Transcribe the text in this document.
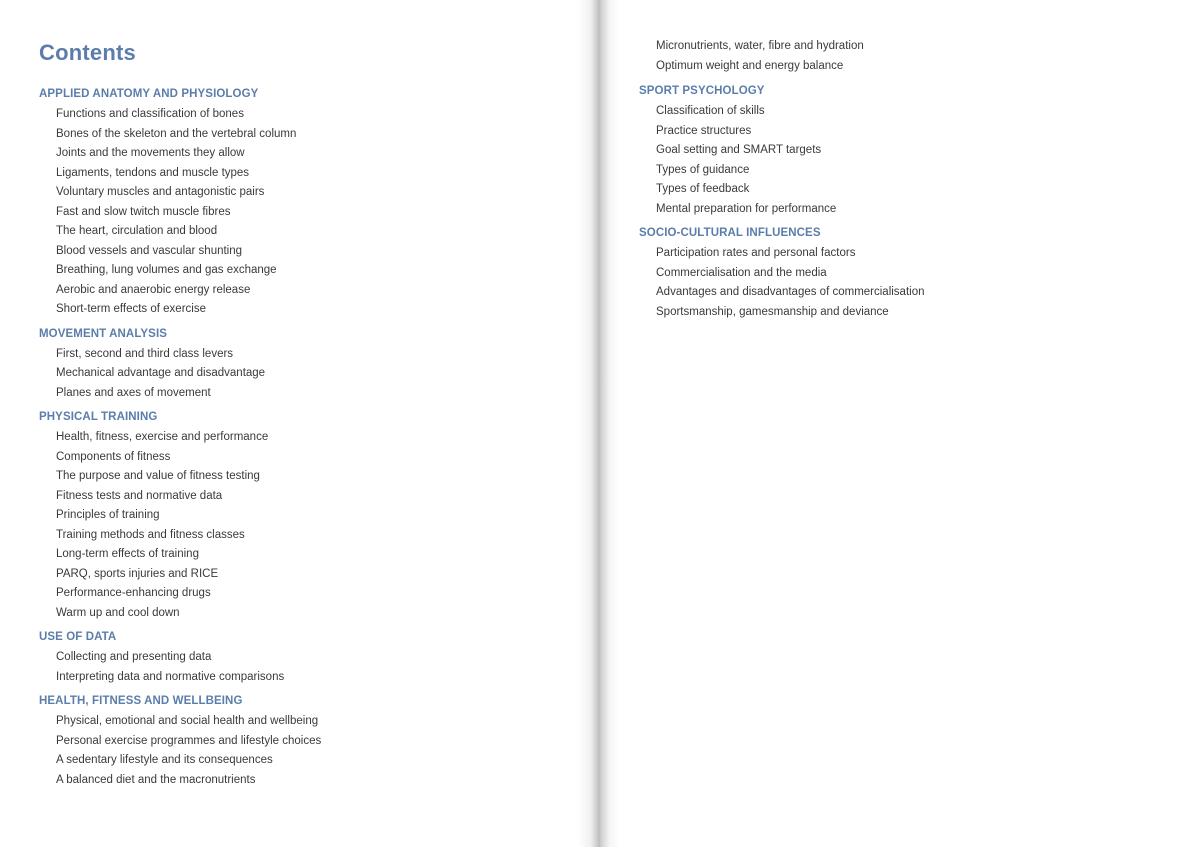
Contents
APPLIED ANATOMY AND PHYSIOLOGY
Functions and classification of bones
Bones of the skeleton and the vertebral column
Joints and the movements they allow
Ligaments, tendons and muscle types
Voluntary muscles and antagonistic pairs
Fast and slow twitch muscle fibres
The heart, circulation and blood
Blood vessels and vascular shunting
Breathing, lung volumes and gas exchange
Aerobic and anaerobic energy release
Short-term effects of exercise
MOVEMENT ANALYSIS
First, second and third class levers
Mechanical advantage and disadvantage
Planes and axes of movement
PHYSICAL TRAINING
Health, fitness, exercise and performance
Components of fitness
The purpose and value of fitness testing
Fitness tests and normative data
Principles of training
Training methods and fitness classes
Long-term effects of training
PARQ, sports injuries and RICE
Performance-enhancing drugs
Warm up and cool down
USE OF DATA
Collecting and presenting data
Interpreting data and normative comparisons
HEALTH, FITNESS AND WELLBEING
Physical, emotional and social health and wellbeing
Personal exercise programmes and lifestyle choices
A sedentary lifestyle and its consequences
A balanced diet and the macronutrients
Micronutrients, water, fibre and hydration
Optimum weight and energy balance
SPORT PSYCHOLOGY
Classification of skills
Practice structures
Goal setting and SMART targets
Types of guidance
Types of feedback
Mental preparation for performance
SOCIO-CULTURAL INFLUENCES
Participation rates and personal factors
Commercialisation and the media
Advantages and disadvantages of commercialisation
Sportsmanship, gamesmanship and deviance
